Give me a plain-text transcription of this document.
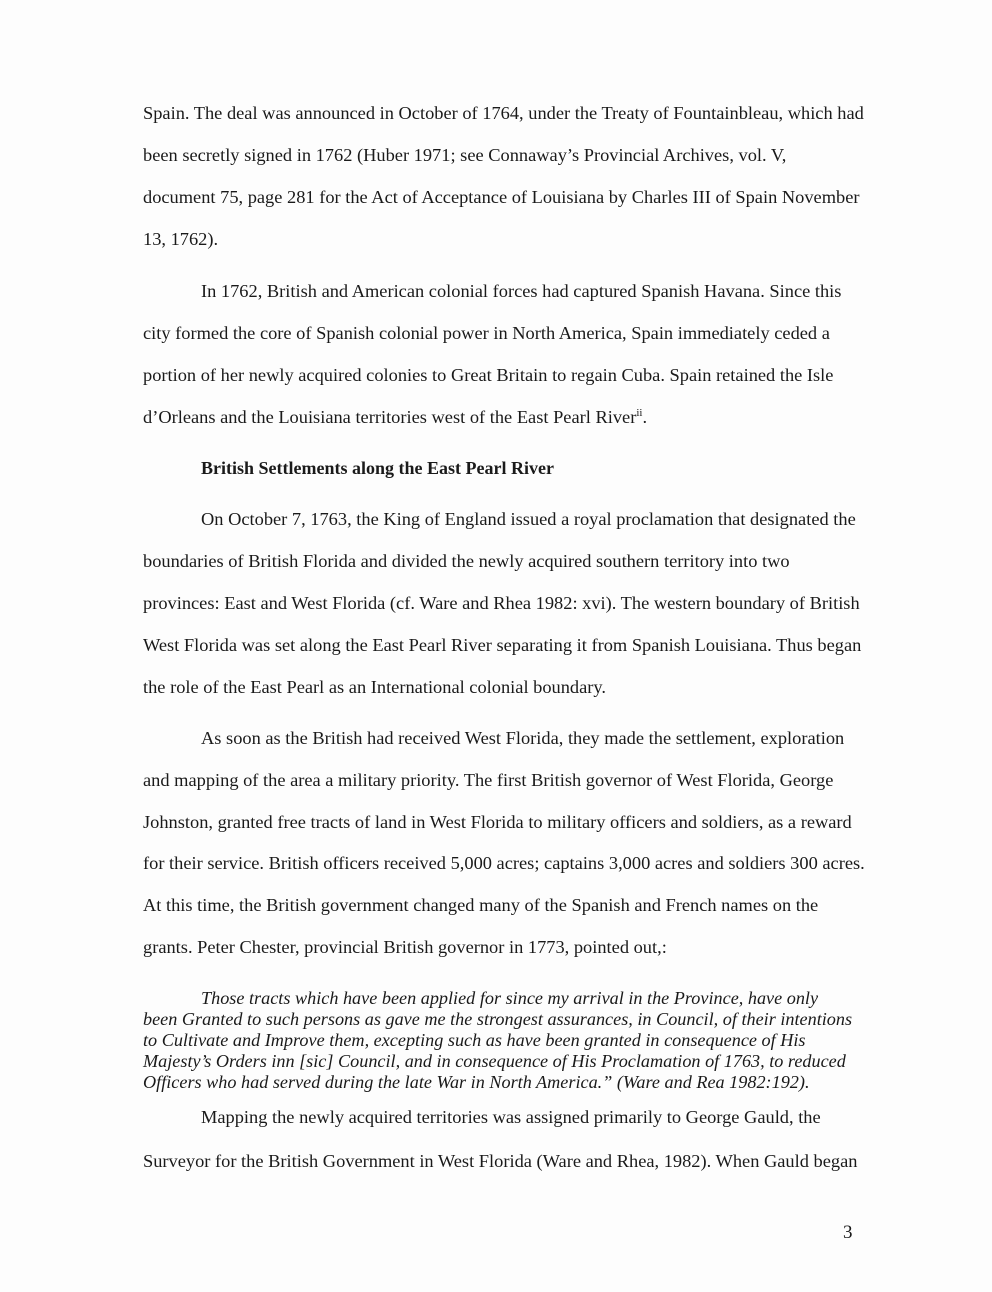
Spain. The deal was announced in October of 1764, under the Treaty of Fountainbleau, which had
been secretly signed in 1762 (Huber 1971; see Connaway’s Provincial Archives, vol. V,
document 75, page 281 for the Act of Acceptance of Louisiana by Charles III of Spain November
13, 1762).
In 1762, British and American colonial forces had captured Spanish Havana. Since this
city formed the core of Spanish colonial power in North America, Spain immediately ceded a
portion of her newly acquired colonies to Great Britain to regain Cuba. Spain retained the Isle
d’Orleans and the Louisiana territories west of the East Pearl River$^{ii}$.
British Settlements along the East Pearl River
On October 7, 1763, the King of England issued a royal proclamation that designated the
boundaries of British Florida and divided the newly acquired southern territory into two
provinces: East and West Florida (cf. Ware and Rhea 1982: xvi). The western boundary of British
West Florida was set along the East Pearl River separating it from Spanish Louisiana. Thus began
the role of the East Pearl as an International colonial boundary.
As soon as the British had received West Florida, they made the settlement, exploration
and mapping of the area a military priority. The first British governor of West Florida, George
Johnston, granted free tracts of land in West Florida to military officers and soldiers, as a reward
for their service. British officers received 5,000 acres; captains 3,000 acres and soldiers 300 acres.
At this time, the British government changed many of the Spanish and French names on the
grants. Peter Chester, provincial British governor in 1773, pointed out,:
Those tracts which have been applied for since my arrival in the Province, have only
been Granted to such persons as gave me the strongest assurances, in Council, of their intentions
to Cultivate and Improve them, excepting such as have been granted in consequence of His
Majesty’s Orders inn [sic] Council, and in consequence of His Proclamation of 1763, to reduced
Officers who had served during the late War in North America.” (Ware and Rea 1982:192).
Mapping the newly acquired territories was assigned primarily to George Gauld, the
Surveyor for the British Government in West Florida (Ware and Rhea, 1982). When Gauld began
3
